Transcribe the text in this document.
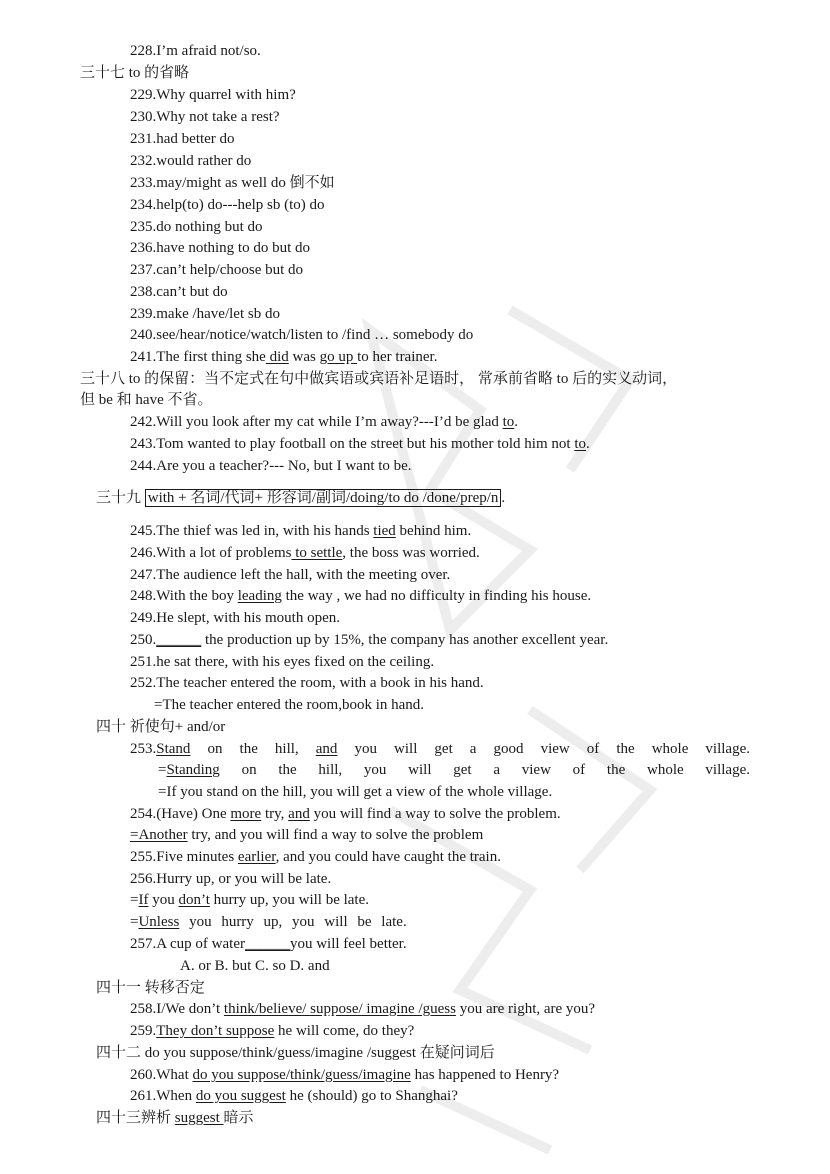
228.I’m afraid not/so.
三十七 to 的省略
229.Why quarrel with him?
230.Why not take a rest?
231.had better do
232.would rather do
233.may/might as well do 倒不如
234.help(to) do---help sb (to) do
235.do nothing but do
236.have nothing to do but do
237.can’t help/choose but do
238.can’t but do
239.make /have/let sb do
240.see/hear/notice/watch/listen to /find … somebody do
241.The first thing she did was go up to her trainer.
三十八 to 的保留：当不定式在句中做宾语或宾语补足语时， 常承前省略 to 后的实义动词，
但 be 和 have 不省。
242.Will you look after my cat while I’m away?---I’d be glad to.
243.Tom wanted to play football on the street but his mother told him not to.
244.Are you a teacher?--- No, but I want to be.
三十九 with + 名词/代词+ 形容词/副词/doing/to do /done/prep/n .
245.The thief was led in, with his hands tied behind him.
246.With a lot of problems to settle, the boss was worried.
247.The audience left the hall, with the meeting over.
248.With the boy leading the way , we had no difficulty in finding his house.
249.He slept, with his mouth open.
250.______ the production up by 15%, the company has another excellent year.
251.he sat there, with his eyes fixed on the ceiling.
252.The teacher entered the room, with a book in his hand.
=The teacher entered the room,book in hand.
四十 祈使句+ and/or
253.Stand on the hill, and you will get a good view of the whole village.
=Standing on the hill, you will get a view of the whole village.
=If you stand on the hill, you will get a view of the whole village.
254.(Have) One more try, and you will find a way to solve the problem.
=Another try, and you will find a way to solve the problem
255.Five minutes earlier, and you could have caught the train.
256.Hurry up, or you will be late.
=If you don’t hurry up, you will be late.
=Unless you hurry up, you will be late.
257.A cup of water______you will feel better.
A. or B. but C. so D. and
四十一 转移否定
258.I/We don’t think/believe/ suppose/ imagine /guess you are right, are you?
259.They don’t suppose he will come, do they?
四十二 do you suppose/think/guess/imagine /suggest 在疑问词后
260.What do you suppose/think/guess/imagine has happened to Henry?
261.When do you suggest he (should) go to Shanghai?
四十三辨析 suggest 暗示
